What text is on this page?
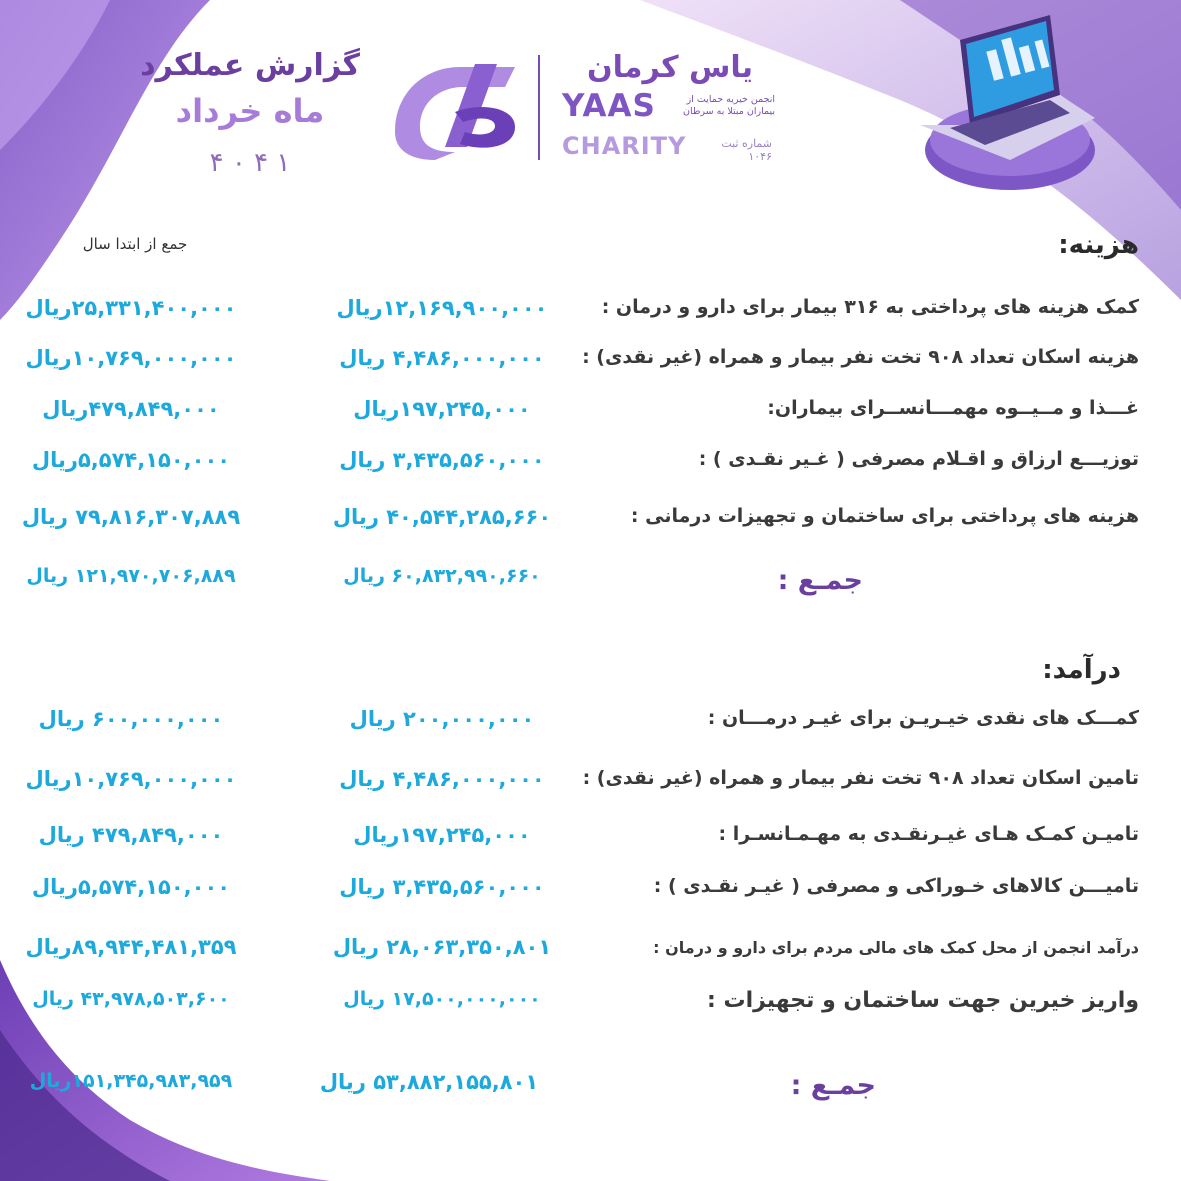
گزارش عملکرد
ماه خرداد
۱ ۴ ۰ ۴
یاس کرمان
انجمن خیریه حمایت از بیماران مبتلا به سرطان
YAAS
CHARITY	شماره ثبت ۱۰۴۶
هزینه:
جمع از ابتدا سال
کمک هزینه های پرداختی به ۳۱۶ بیمار برای دارو و درمان :
۱۲,۱۶۹,۹۰۰,۰۰۰ریال
۲۵,۳۳۱,۴۰۰,۰۰۰ریال
هزینه اسکان تعداد ۹۰۸ تخت نفر بیمار و همراه (غیر نقدی) :
۴,۴۸۶,۰۰۰,۰۰۰ ریال
۱۰,۷۶۹,۰۰۰,۰۰۰ریال
غـــذا و مــیــوه مهمـــانســرای بیماران:
۱۹۷,۲۴۵,۰۰۰ریال
۴۷۹,۸۴۹,۰۰۰ریال
توزیـــع ارزاق و اقـلام مصرفی ( غـیر نقـدی ) :
۳,۴۳۵,۵۶۰,۰۰۰ ریال
۵,۵۷۴,۱۵۰,۰۰۰ریال
هزینه های پرداختی برای ساختمان و تجهیزات درمانی :
۴۰,۵۴۴,۲۸۵,۶۶۰ ریال
۷۹,۸۱۶,۳۰۷,۸۸۹ ریال
جمـع :
۶۰,۸۳۲,۹۹۰,۶۶۰ ریال
۱۲۱,۹۷۰,۷۰۶,۸۸۹ ریال
درآمد:
کمـــک های نقدی خیـریـن برای غیـر درمـــان :
۲۰۰,۰۰۰,۰۰۰ ریال
۶۰۰,۰۰۰,۰۰۰ ریال
تامین اسکان تعداد ۹۰۸ تخت نفر بیمار و همراه (غیر نقدی) :
۴,۴۸۶,۰۰۰,۰۰۰ ریال
۱۰,۷۶۹,۰۰۰,۰۰۰ریال
تامیـن کمـک هـای غیـرنقـدی به مهـمـانسـرا :
۱۹۷,۲۴۵,۰۰۰ریال
۴۷۹,۸۴۹,۰۰۰ ریال
تامیـــن کالاهای خـوراکی و مصرفی ( غیـر نقـدی ) :
۳,۴۳۵,۵۶۰,۰۰۰ ریال
۵,۵۷۴,۱۵۰,۰۰۰ریال
درآمد انجمن از محل کمک های مالی مردم برای دارو و درمان :
۲۸,۰۶۳,۳۵۰,۸۰۱ ریال
۸۹,۹۴۴,۴۸۱,۳۵۹ریال
واریز خیرین جهت ساختمان و تجهیزات :
۱۷,۵۰۰,۰۰۰,۰۰۰ ریال
۴۳,۹۷۸,۵۰۳,۶۰۰ ریال
جمـع :
۵۳,۸۸۲,۱۵۵,۸۰۱ ریال
۱۵۱,۳۴۵,۹۸۳,۹۵۹ریال
